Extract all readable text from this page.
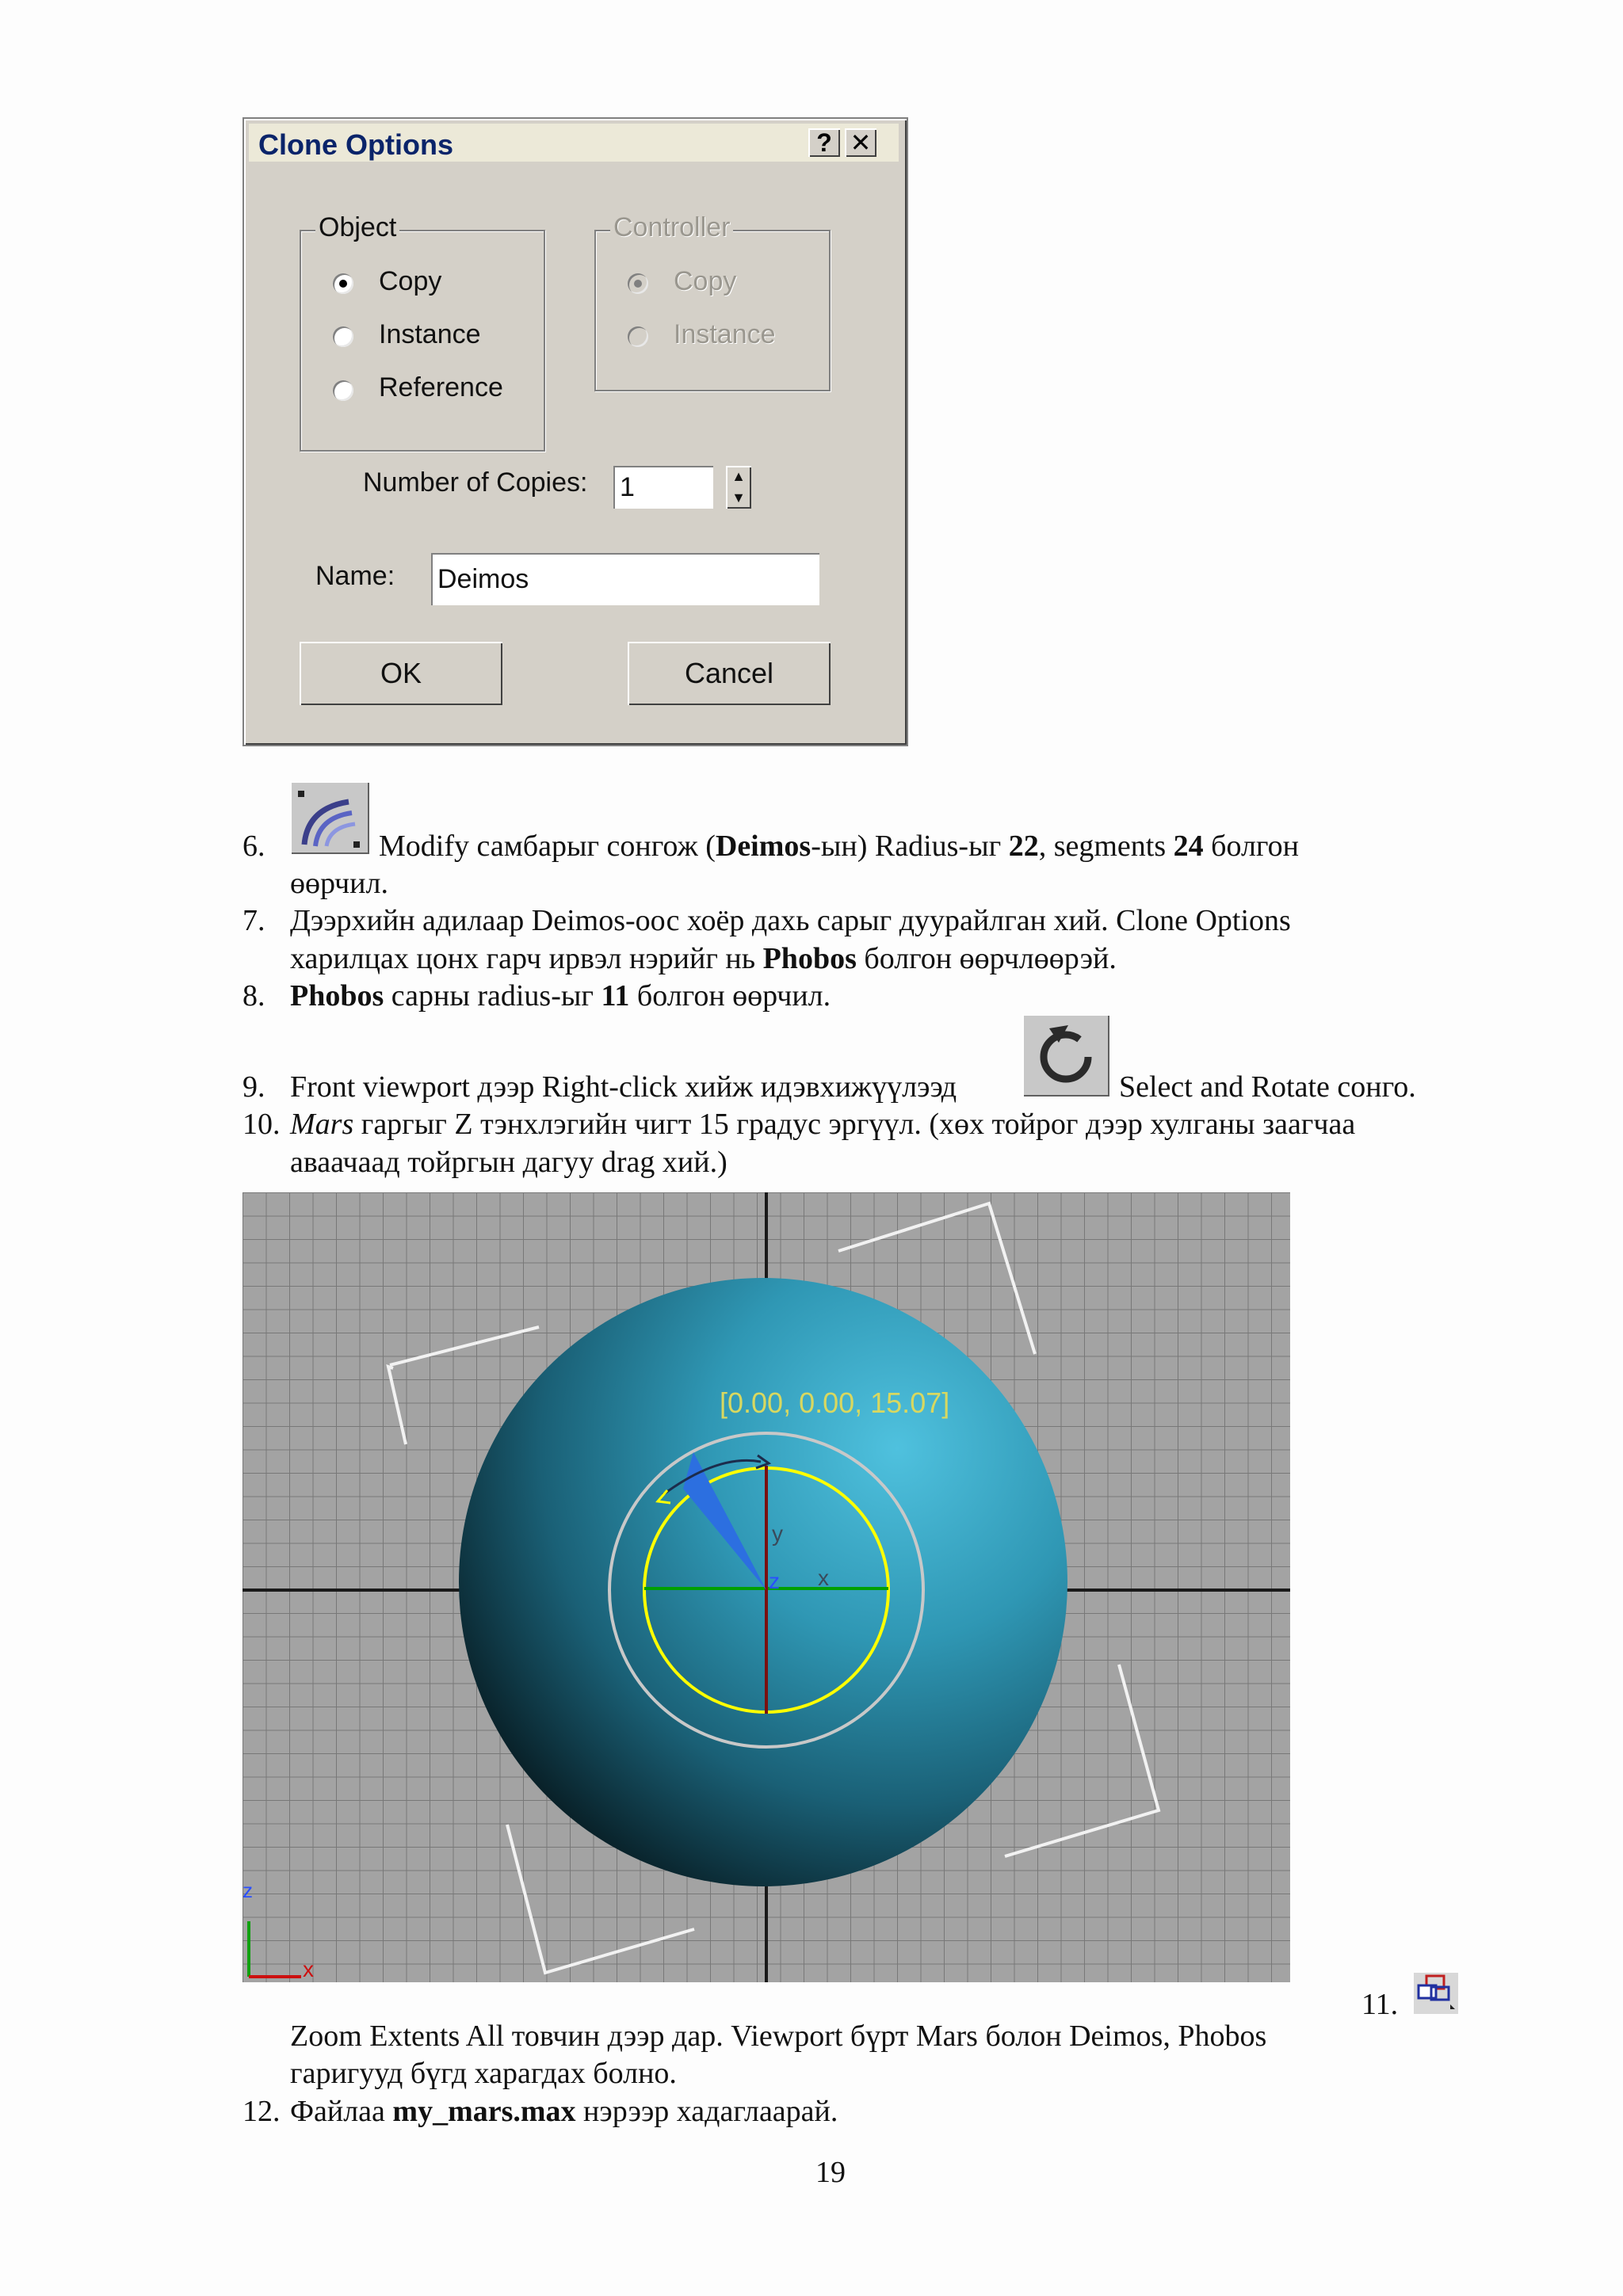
Clone Options	? ✕
Object
Copy
Instance
Reference
Controller
Copy
Instance
Number of Copies: 1	▲
▼
Name: Deimos
OK	Cancel
6.	Modify самбарыг сонгож (Deimos-ын) Radius-ыг 22, segments 24 болгон
өөрчил.
7. Дээрхийн адилаар Deimos-оос хоёр дахь сарыг дуурайлган хий. Clone Options
харилцах цонх гарч ирвэл нэрийг нь Phobos болгон өөрчлөөрэй.
8. Phobos сарны radius-ыг 11 болгон өөрчил.
9. Front viewport дээр Right-click хийж идэвхижүүлээд	Select and Rotate сонго.
10. Mars гаргыг Z тэнхлэгийн чигт 15 градус эргүүл. (хөх тойрог дээр хулганы заагчаа
аваачаад тойргын дагуу drag хий.)
[0.00, 0.00, 15.07]
y
z x
x
z
11.
Zoom Extents All товчин дээр дар. Viewport бүрт Mars болон Deimos, Phobos
гаригууд бүгд харагдах болно.
12. Файлаа my_mars.max нэрээр хадаглаарай.
19
